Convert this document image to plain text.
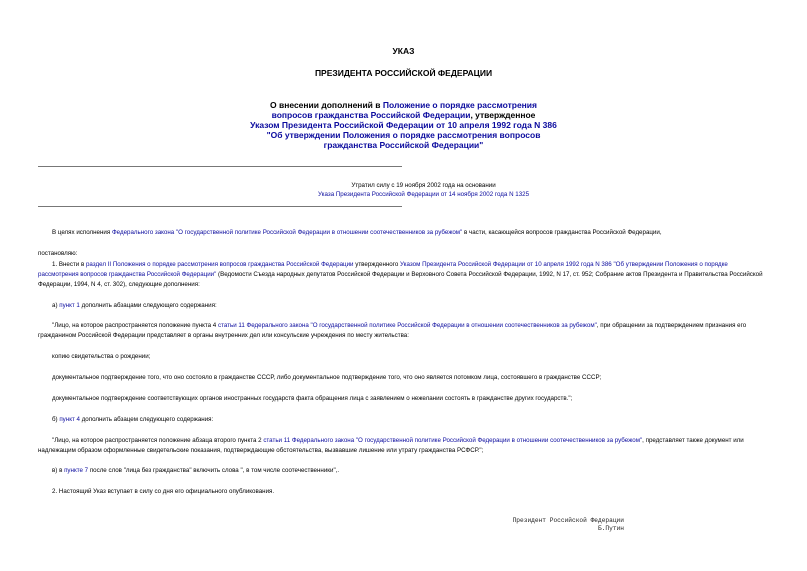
УКАЗ
ПРЕЗИДЕНТА РОССИЙСКОЙ ФЕДЕРАЦИИ
О внесении дополнений в Положение о порядке рассмотрения
вопросов гражданства Российской Федерации, утвержденное
Указом Президента Российской Федерации от 10 апреля 1992 года N 386
"Об утверждении Положения о порядке рассмотрения вопросов
гражданства Российской Федерации"
Утратил силу с 19 ноября 2002 года на основании
Указа Президента Российской Федерации от 14 ноября 2002 года N 1325

В целях исполнения Федерального закона "О государственной политике Российской Федерации в отношении соотечественников за рубежом" в части, касающейся вопросов гражданства Российской Федерации,

постановляю:

1. Внести в раздел II Положения о порядке рассмотрения вопросов гражданства Российской Федерации утвержденного Указом Президента Российской Федерации от 10 апреля 1992 года N 386 "Об утверждении Положения о порядке рассмотрения вопросов гражданства Российской Федерации" (Ведомости Съезда народных депутатов Российской Федерации и Верховного Совета Российской Федерации, 1992, N 17, ст. 952; Собрание актов Президента и Правительства Российской Федерации, 1994, N 4, ст. 302), следующие дополнения:

а) пункт 1 дополнить абзацами следующего содержания:

"Лицо, на которое распространяется положение пункта 4 статьи 11 Федерального закона "О государственной политике Российской Федерации в отношении соотечественников за рубежом", при обращении за подтверждением признания его гражданином Российской Федерации представляет в органы внутренних дел или консульские учреждения по месту жительства:

копию свидетельства о рождении;

документальное подтверждение того, что оно состояло в гражданстве СССР, либо документальное подтверждение того, что оно является потомком лица, состоявшего в гражданстве СССР;

документальное подтверждение соответствующих органов иностранных государств факта обращения лица с заявлением о нежелании состоять в гражданстве других государств.";

б) пункт 4 дополнить абзацем следующего содержания:

"Лицо, на которое распространяется положение абзаца второго пункта 2 статьи 11 Федерального закона "О государственной политике Российской Федерации в отношении соотечественников за рубежом", представляет также документ или надлежащим образом оформленные свидетельские показания, подтверждающие обстоятельства, вызвавшие лишение или утрату гражданства РСФСР.";

в) в пункте 7 после слов "лица без гражданства" включить слова ", в том числе соотечественники",.

2. Настоящий Указ вступает в силу со дня его официального опубликования.

Президент Российской Федерации
Б.Путин
